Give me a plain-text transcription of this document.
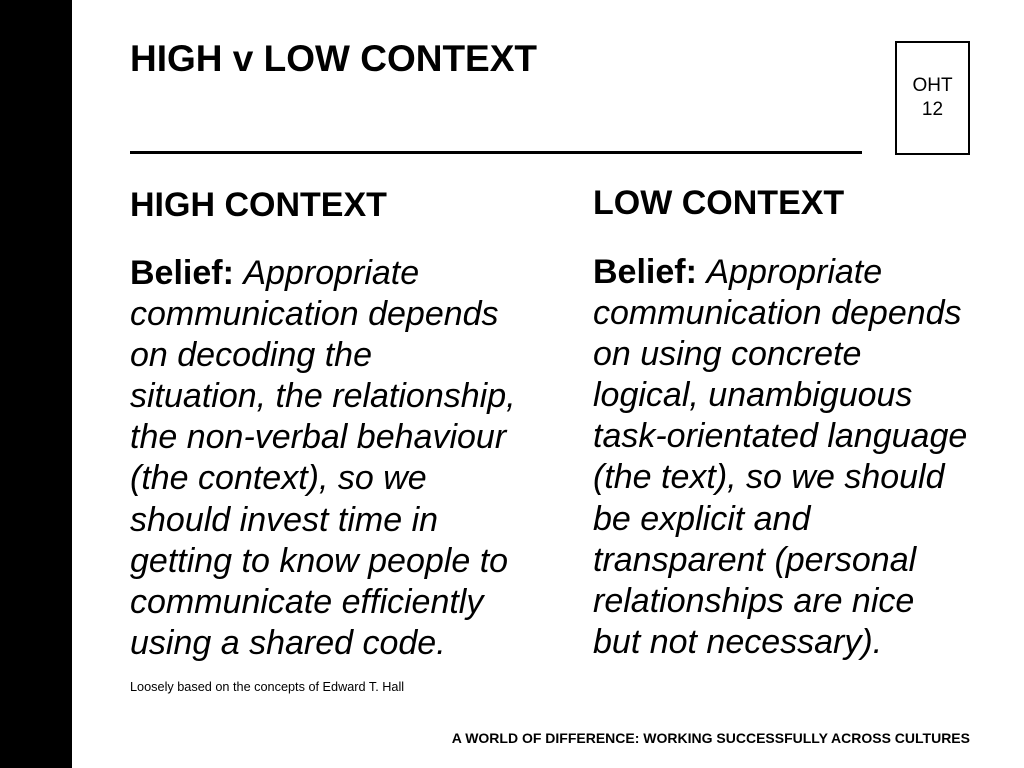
HIGH v LOW CONTEXT
OHT
12
HIGH CONTEXT
Belief: Appropriate
communication depends
on decoding the
situation, the relationship,
the non-verbal behaviour
(the context), so we
should invest time in
getting to know people to
communicate efficiently
using a shared code.
LOW CONTEXT
Belief: Appropriate
communication depends
on using concrete
logical, unambiguous
task-orientated language
(the text), so we should
be explicit and
transparent (personal
relationships are nice
but not necessary).
Loosely based on the concepts of Edward T. Hall
A WORLD OF DIFFERENCE: WORKING SUCCESSFULLY ACROSS CULTURES
